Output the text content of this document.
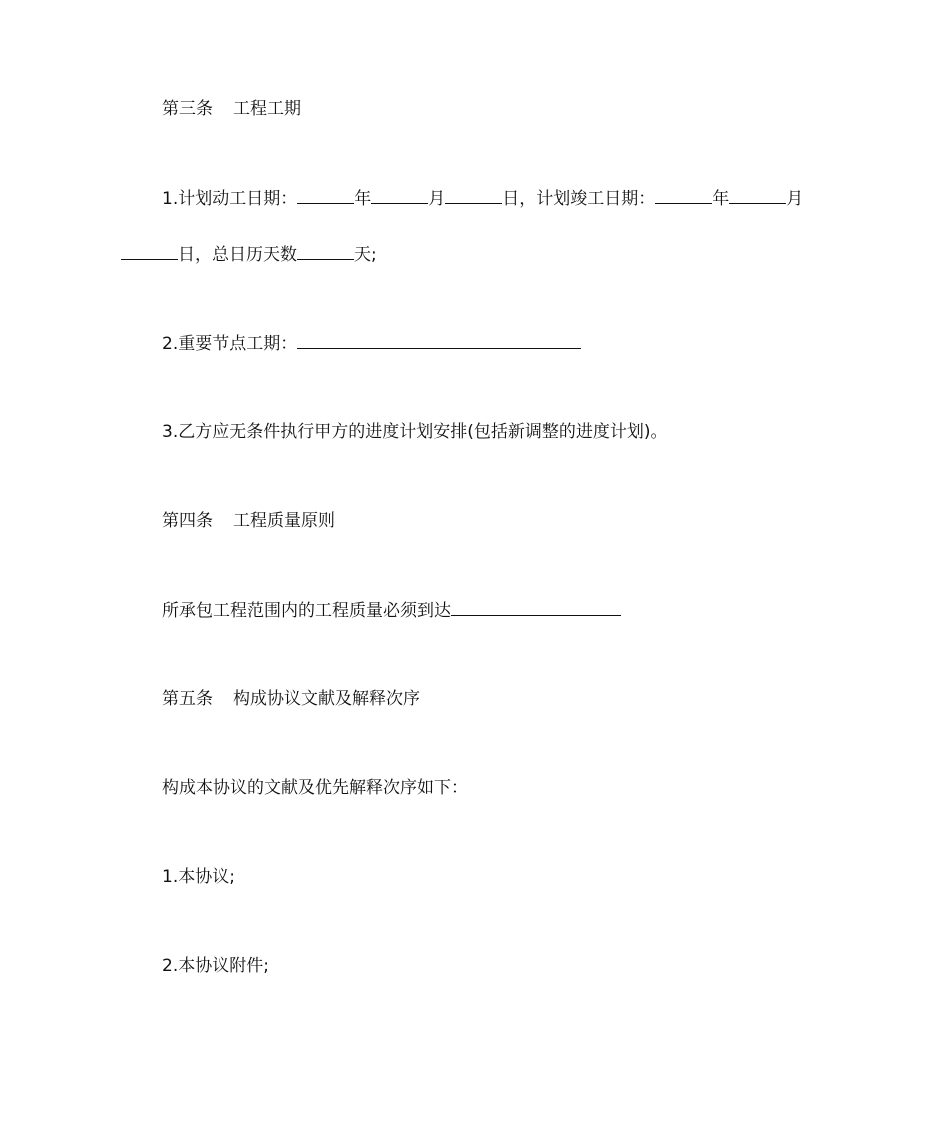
第三条 工程工期
1.计划动工日期：	年	月	日，计划竣工日期：	年	月
日，总日历天数	天;
2.重要节点工期：
3.乙方应无条件执行甲方的进度计划安排(包括新调整的进度计划)。
第四条 工程质量原则
所承包工程范围内的工程质量必须到达
第五条 构成协议文献及解释次序
构成本协议的文献及优先解释次序如下：
1.本协议;
2.本协议附件;
